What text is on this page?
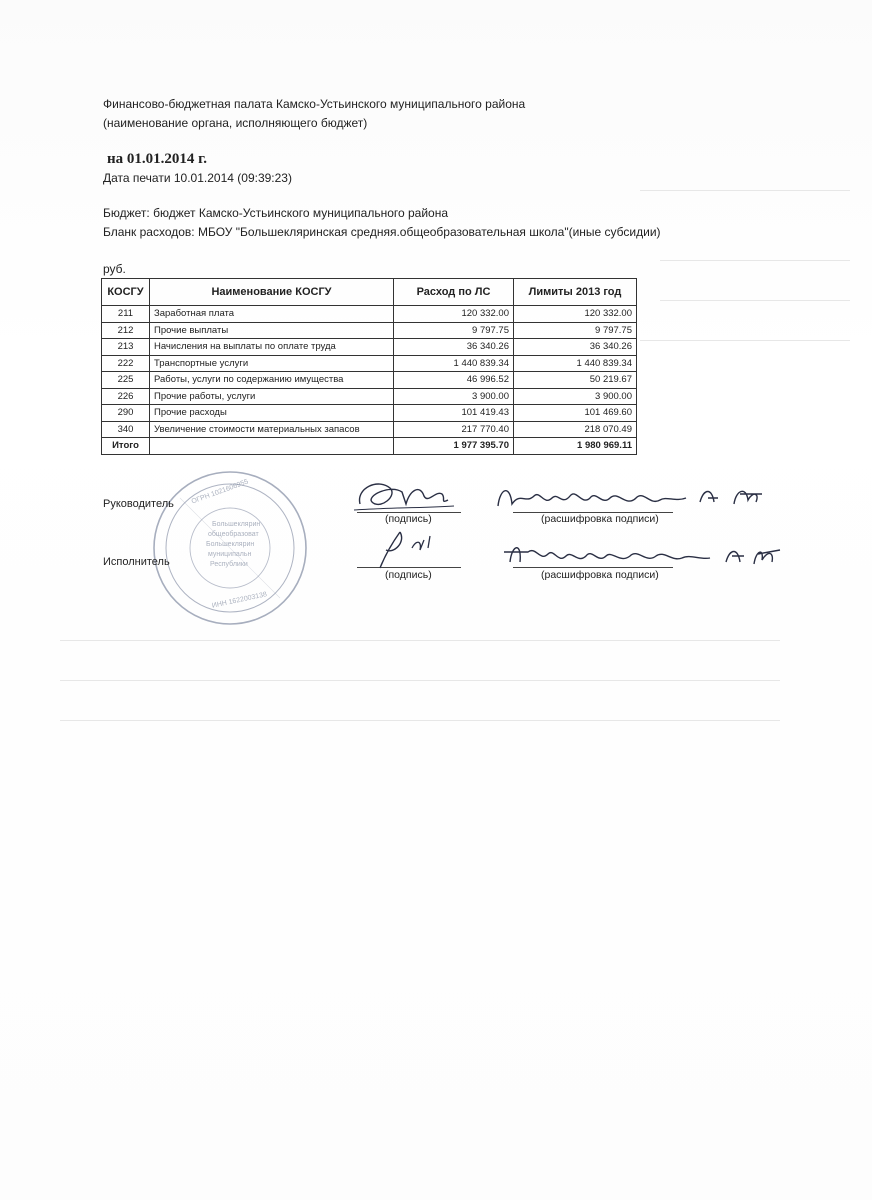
Финансово-бюджетная палата Камско-Устьинского муниципального района
(наименование органа, исполняющего бюджет)
на 01.01.2014 г.
Дата печати 10.01.2014 (09:39:23)
Бюджет: бюджет Камско-Устьинского муниципального района
Бланк расходов: МБОУ "Большекляринская средняя.общеобразовательная школа"(иные субсидии)
руб.
КОСГУ	Наименование КОСГУ	Расход по ЛС	Лимиты 2013 год
211	Заработная плата	120 332.00	120 332.00
212	Прочие выплаты	9 797.75	9 797.75
213	Начисления на выплаты по оплате труда	36 340.26	36 340.26
222	Транспортные услуги	1 440 839.34	1 440 839.34
225	Работы, услуги по содержанию имущества	46 996.52	50 219.67
226	Прочие работы, услуги	3 900.00	3 900.00
290	Прочие расходы	101 419.43	101 469.60
340	Увеличение стоимости материальных запасов	217 770.40	218 070.49
Итого		1 977 395.70	1 980 969.11
Большеклярин
общеобразоват
Большеклярин
муниципальн
Республики
ИНН 1622003138
ОГРН 1021606955
Руководитель
(подпись)	(расшифровка подписи)
Исполнитель
(подпись)	(расшифровка подписи)
